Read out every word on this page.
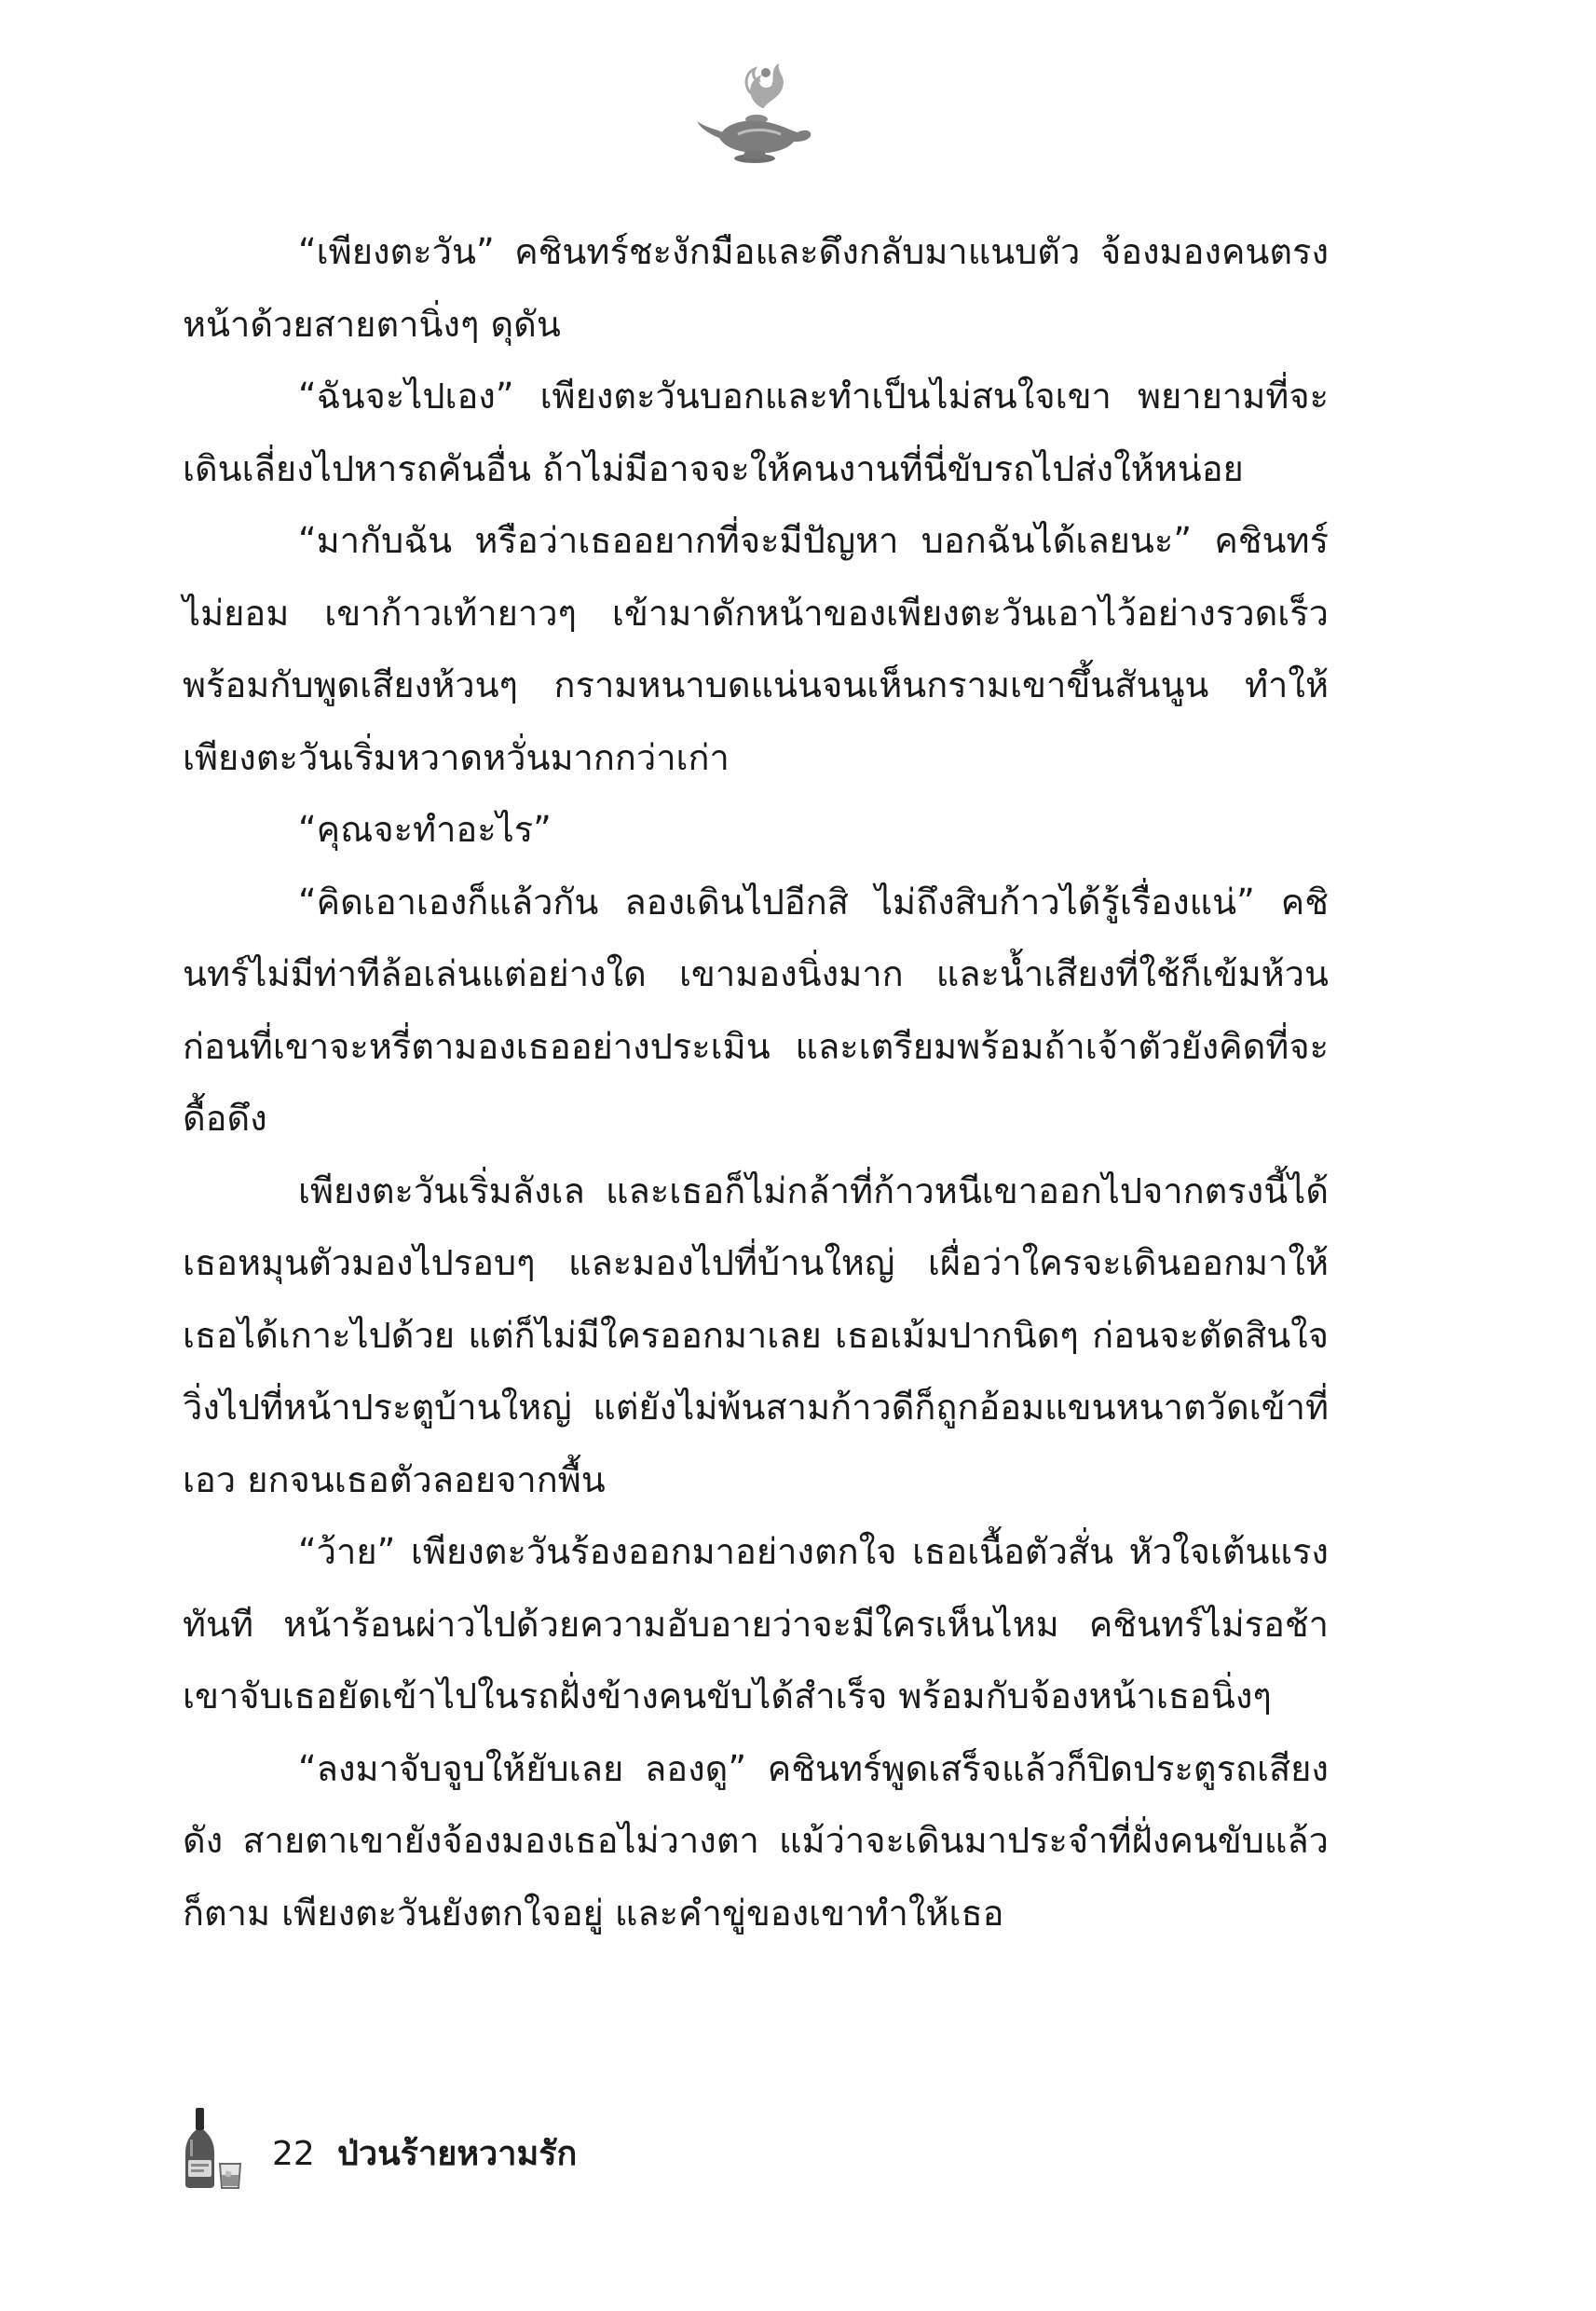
“เพียงตะวัน” คชินทร์ชะงักมือและดึงกลับมาแนบตัว จ้องมองคนตรงหน้าด้วยสายตานิ่งๆ ดุดัน

“ฉันจะไปเอง” เพียงตะวันบอกและทำเป็นไม่สนใจเขา พยายามที่จะเดินเลี่ยงไปหารถคันอื่น ถ้าไม่มีอาจจะให้คนงานที่นี่ขับรถไปส่งให้หน่อย

“มากับฉัน หรือว่าเธออยากที่จะมีปัญหา บอกฉันได้เลยนะ” คชินทร์ไม่ยอม เขาก้าวเท้ายาวๆ เข้ามาดักหน้าของเพียงตะวันเอาไว้อย่างรวดเร็ว พร้อมกับพูดเสียงห้วนๆ กรามหนาบดแน่นจนเห็นกรามเขาขึ้นสันนูน ทำให้เพียงตะวันเริ่มหวาดหวั่นมากกว่าเก่า

“คุณจะทำอะไร”

“คิดเอาเองก็แล้วกัน ลองเดินไปอีกสิ ไม่ถึงสิบก้าวได้รู้เรื่องแน่” คชินทร์ไม่มีท่าทีล้อเล่นแต่อย่างใด เขามองนิ่งมาก และน้ำเสียงที่ใช้ก็เข้มห้วน ก่อนที่เขาจะหรี่ตามองเธออย่างประเมิน และเตรียมพร้อมถ้าเจ้าตัวยังคิดที่จะดื้อดึง

เพียงตะวันเริ่มลังเล และเธอก็ไม่กล้าที่ก้าวหนีเขาออกไปจากตรงนี้ได้ เธอหมุนตัวมองไปรอบๆ และมองไปที่บ้านใหญ่ เผื่อว่าใครจะเดินออกมาให้เธอได้เกาะไปด้วย แต่ก็ไม่มีใครออกมาเลย เธอเม้มปากนิดๆ ก่อนจะตัดสินใจวิ่งไปที่หน้าประตูบ้านใหญ่ แต่ยังไม่พ้นสามก้าวดีก็ถูกอ้อมแขนหนาตวัดเข้าที่เอว ยกจนเธอตัวลอยจากพื้น

“ว้าย” เพียงตะวันร้องออกมาอย่างตกใจ เธอเนื้อตัวสั่น หัวใจเต้นแรงทันที หน้าร้อนผ่าวไปด้วยความอับอายว่าจะมีใครเห็นไหม คชินทร์ไม่รอช้า เขาจับเธอยัดเข้าไปในรถฝั่งข้างคนขับได้สำเร็จ พร้อมกับจ้องหน้าเธอนิ่งๆ

“ลงมาจับจูบให้ยับเลย ลองดู” คชินทร์พูดเสร็จแล้วก็ปิดประตูรถเสียงดัง สายตาเขายังจ้องมองเธอไม่วางตา แม้ว่าจะเดินมาประจำที่ฝั่งคนขับแล้วก็ตาม เพียงตะวันยังตกใจอยู่ และคำขู่ของเขาทำให้เธอ

22 ป่วนร้ายหวามรัก
